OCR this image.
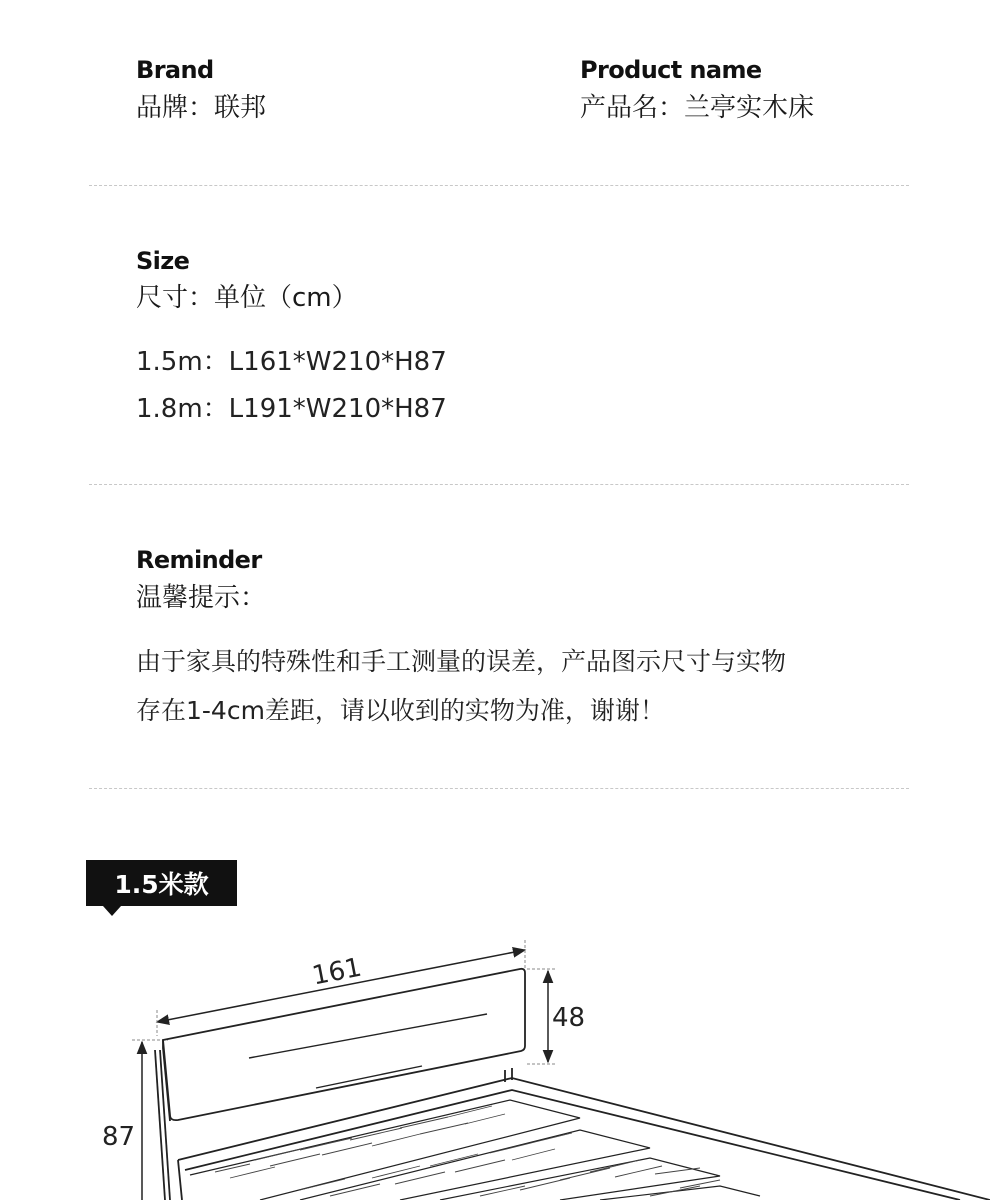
Brand
品牌：联邦
Product name
产品名：兰亭实木床
Size
尺寸：单位（cm）
1.5m：L161*W210*H87
1.8m：L191*W210*H87
Reminder
温馨提示：
由于家具的特殊性和手工测量的误差，产品图示尺寸与实物
存在1-4cm差距，请以收到的实物为准，谢谢！
1.5米款
161
48
87
